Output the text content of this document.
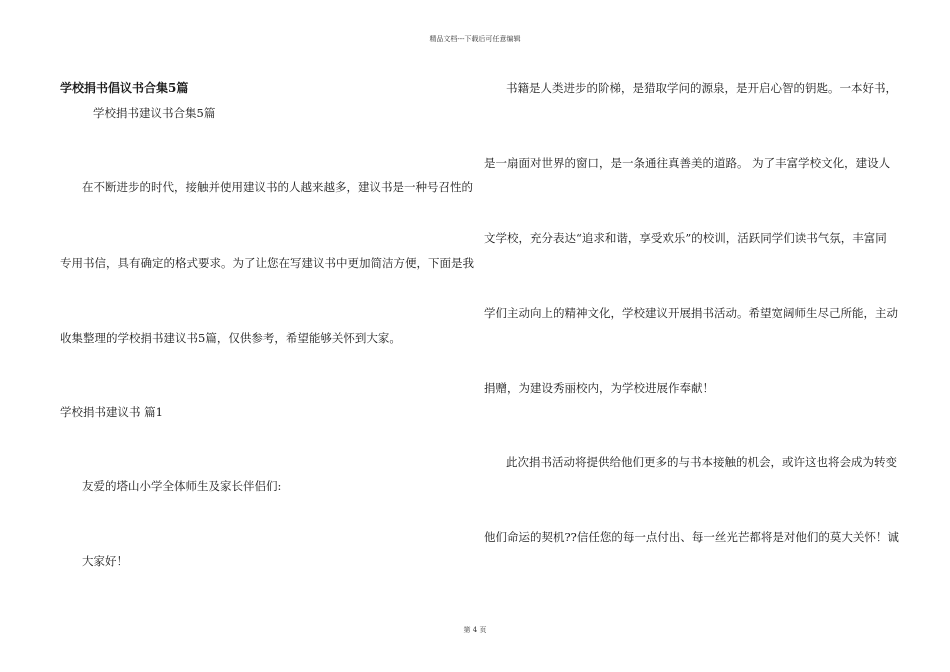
精品文档---下载后可任意编辑
学校捐书倡议书合集5篇
学校捐书建议书合集5篇
在不断进步的时代，接触并使用建议书的人越来越多，建议书是一种号召性的
专用书信，具有确定的格式要求。为了让您在写建议书中更加简洁方便，下面是我
收集整理的学校捐书建议书5篇，仅供参考，希望能够关怀到大家。
学校捐书建议书 篇1
友爱的塔山小学全体师生及家长伴侣们:
大家好！
书籍是人类进步的阶梯，是猎取学问的源泉，是开启心智的钥匙。一本好书，
是一扇面对世界的窗口，是一条通往真善美的道路。 为了丰富学校文化，建设人
文学校，充分表达“追求和谐，享受欢乐”的校训，活跃同学们读书气氛，丰富同
学们主动向上的精神文化，学校建议开展捐书活动。希望宽阔师生尽己所能，主动
捐赠，为建设秀丽校内，为学校进展作奉献！
此次捐书活动将提供给他们更多的与书本接触的机会，或许这也将会成为转变
他们命运的契机??信任您的每一点付出、每一丝光芒都将是对他们的莫大关怀！诚
第 4 页
